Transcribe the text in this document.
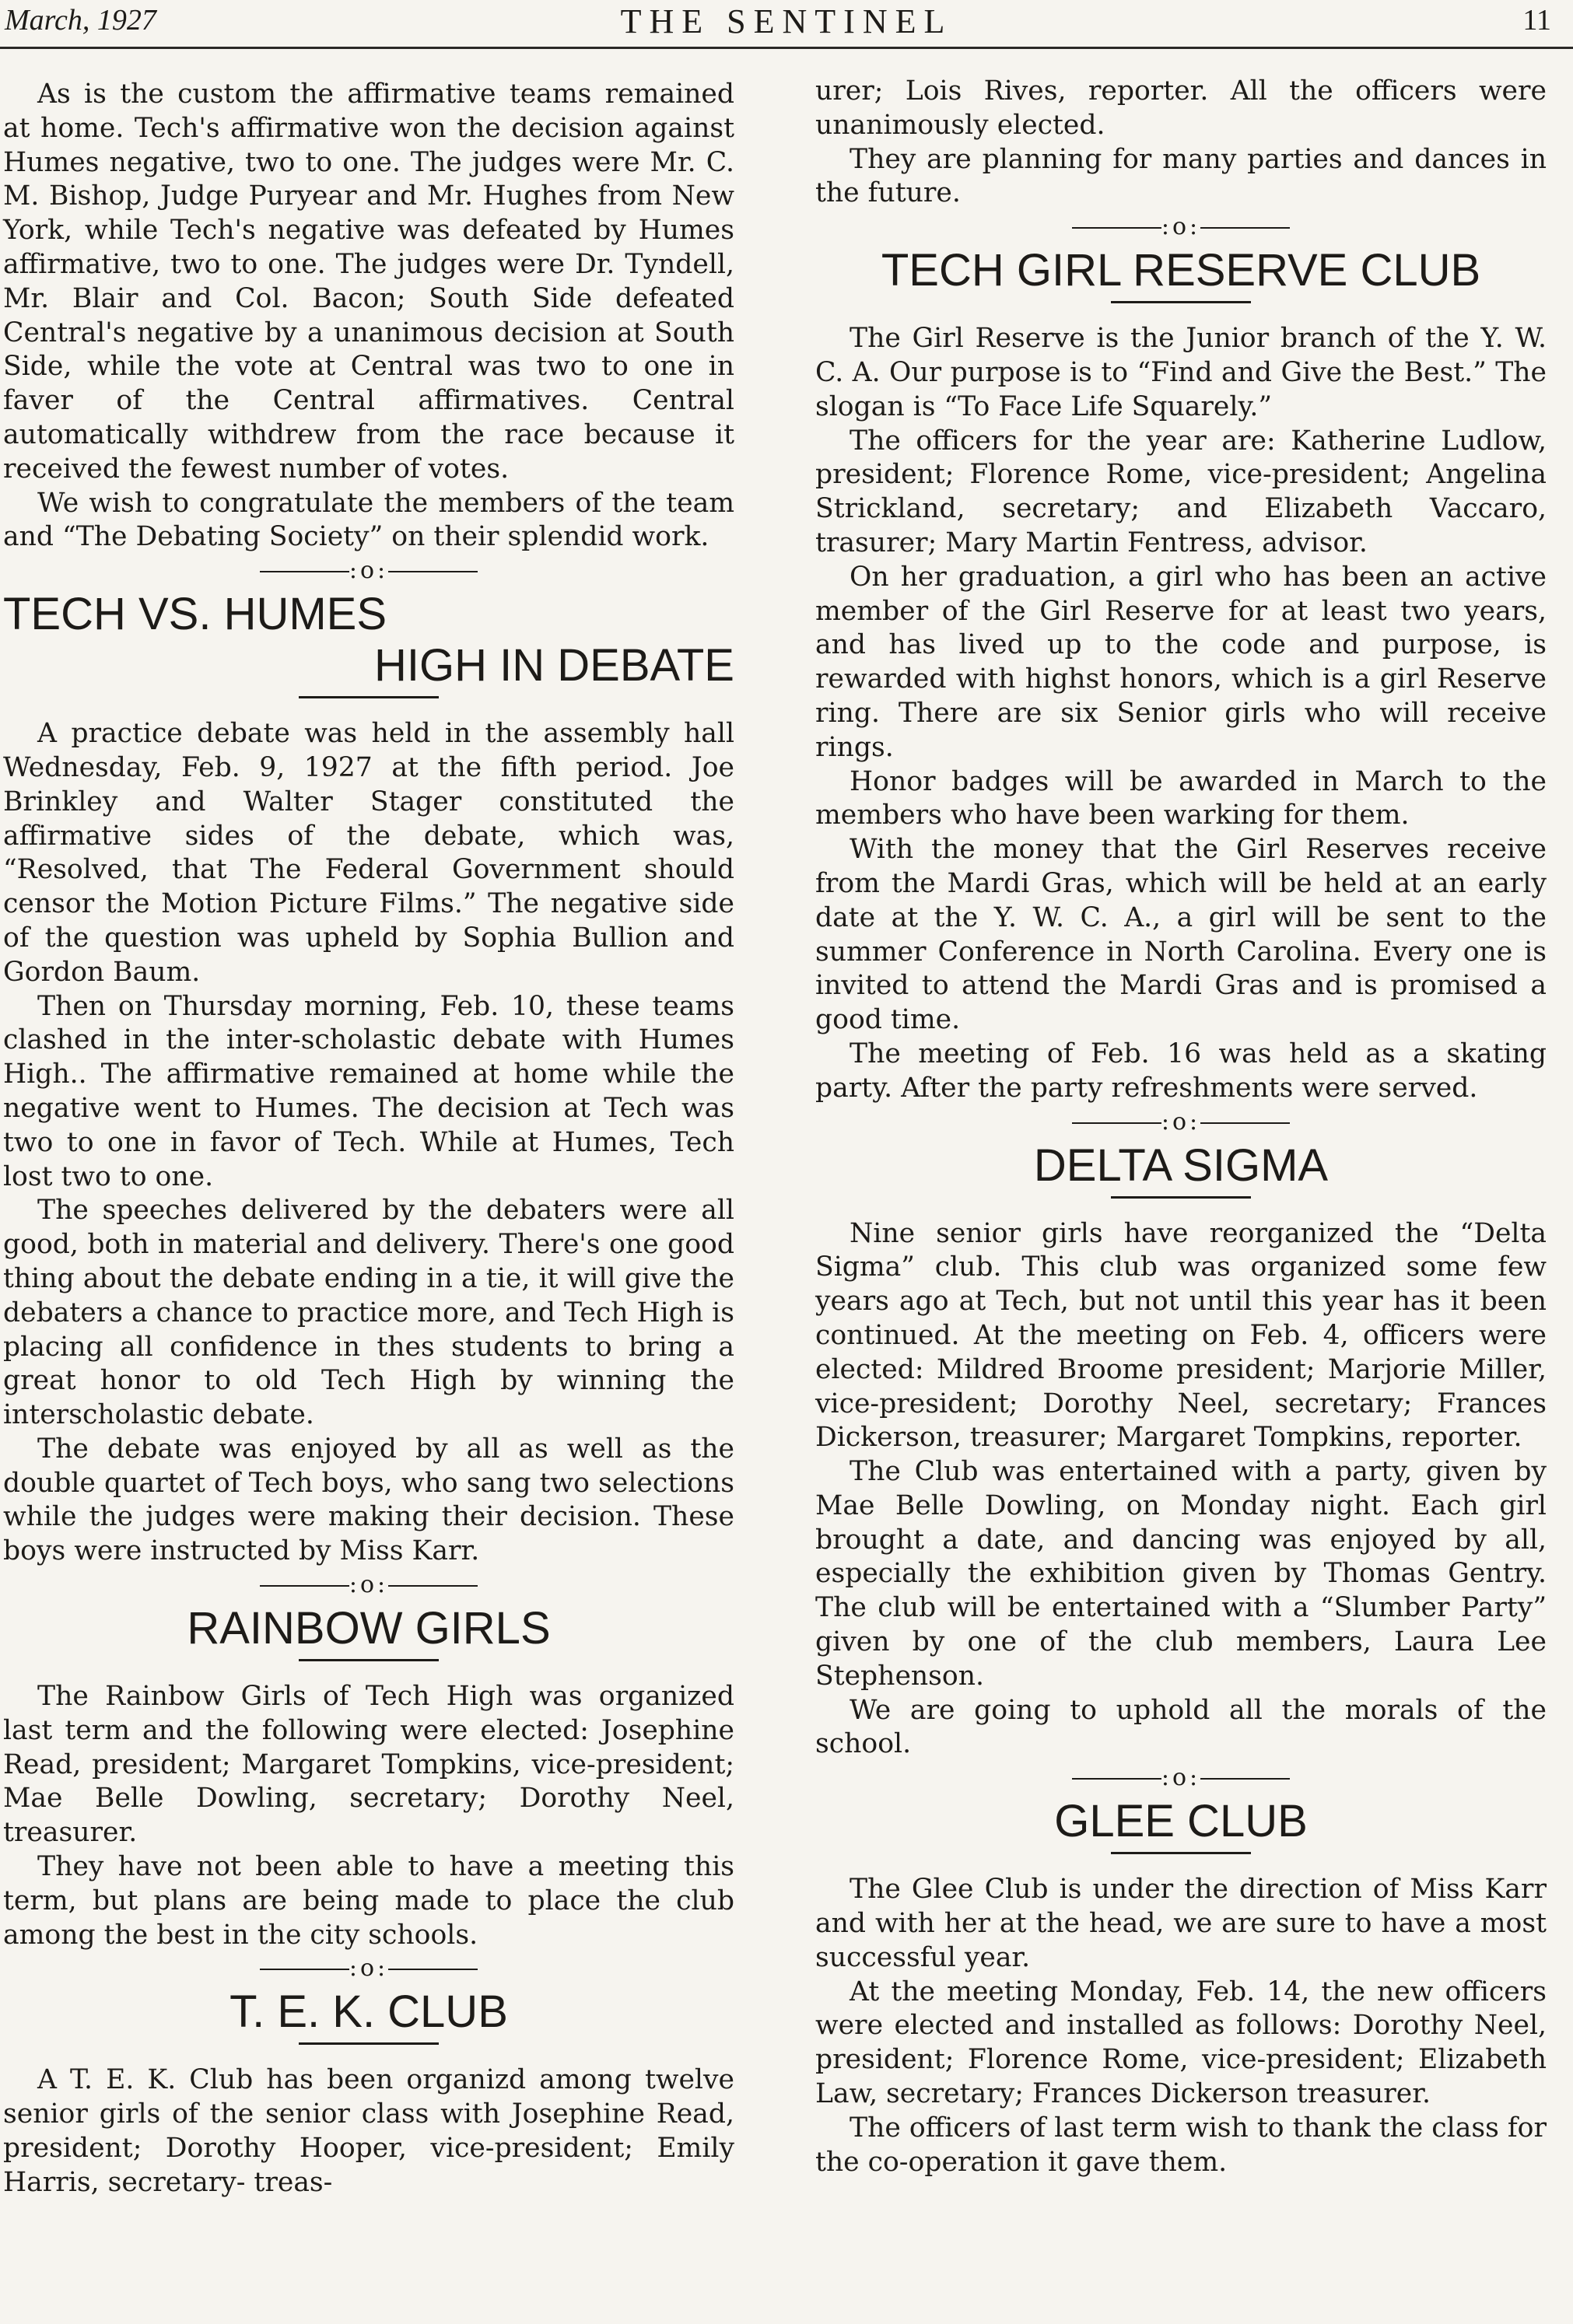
March, 1927	THE SENTINEL	11

As is the custom the affirmative teams remained at home. Tech's affirmative won the decision against Humes negative, two to one. The judges were Mr. C. M. Bishop, Judge Puryear and Mr. Hughes from New York, while Tech's negative was defeated by Humes affirmative, two to one. The judges were Dr. Tyndell, Mr. Blair and Col. Bacon; South Side defeated Central's negative by a unanimous decision at South Side, while the vote at Central was two to one in faver of the Central affirmatives. Central automatically withdrew from the race because it received the fewest number of votes.

We wish to congratulate the members of the team and “The Debating Society” on their splendid work.

:o:
TECH VS. HUMES
HIGH IN DEBATE

A practice debate was held in the assembly hall Wednesday, Feb. 9, 1927 at the fifth period. Joe Brinkley and Walter Stager constituted the affirmative sides of the debate, which was, “Resolved, that The Federal Government should censor the Motion Picture Films.” The negative side of the question was upheld by Sophia Bullion and Gordon Baum.

Then on Thursday morning, Feb. 10, these teams clashed in the inter-scholastic debate with Humes High.. The affirmative remained at home while the negative went to Humes. The decision at Tech was two to one in favor of Tech. While at Humes, Tech lost two to one.

The speeches delivered by the debaters were all good, both in material and delivery. There's one good thing about the debate ending in a tie, it will give the debaters a chance to practice more, and Tech High is placing all confidence in thes students to bring a great honor to old Tech High by winning the interscholastic debate.

The debate was enjoyed by all as well as the double quartet of Tech boys, who sang two selections while the judges were making their decision. These boys were instructed by Miss Karr.

:o:
RAINBOW GIRLS

The Rainbow Girls of Tech High was organized last term and the following were elected: Josephine Read, president; Margaret Tompkins, vice-president; Mae Belle Dowling, secretary; Dorothy Neel, treasurer.

They have not been able to have a meeting this term, but plans are being made to place the club among the best in the city schools.

:o:
T. E. K. CLUB

A T. E. K. Club has been organizd among twelve senior girls of the senior class with Josephine Read, president; Dorothy Hooper, vice-president; Emily Harris, secretary- treas-

urer; Lois Rives, reporter. All the officers were unanimously elected.

They are planning for many parties and dances in the future.

:o:
TECH GIRL RESERVE CLUB

The Girl Reserve is the Junior branch of the Y. W. C. A. Our purpose is to “Find and Give the Best.” The slogan is “To Face Life Squarely.”

The officers for the year are: Katherine Ludlow, president; Florence Rome, vice-president; Angelina Strickland, secretary; and Elizabeth Vaccaro, trasurer; Mary Martin Fentress, advisor.

On her graduation, a girl who has been an active member of the Girl Reserve for at least two years, and has lived up to the code and purpose, is rewarded with highst honors, which is a girl Reserve ring. There are six Senior girls who will receive rings.

Honor badges will be awarded in March to the members who have been warking for them.

With the money that the Girl Reserves receive from the Mardi Gras, which will be held at an early date at the Y. W. C. A., a girl will be sent to the summer Conference in North Carolina. Every one is invited to attend the Mardi Gras and is promised a good time.

The meeting of Feb. 16 was held as a skating party. After the party refreshments were served.

:o:
DELTA SIGMA

Nine senior girls have reorganized the “Delta Sigma” club. This club was organized some few years ago at Tech, but not until this year has it been continued. At the meeting on Feb. 4, officers were elected: Mildred Broome president; Marjorie Miller, vice-president; Dorothy Neel, secretary; Frances Dickerson, treasurer; Margaret Tompkins, reporter.

The Club was entertained with a party, given by Mae Belle Dowling, on Monday night. Each girl brought a date, and dancing was enjoyed by all, especially the exhibition given by Thomas Gentry. The club will be entertained with a “Slumber Party” given by one of the club members, Laura Lee Stephenson.

We are going to uphold all the morals of the school.

:o:
GLEE CLUB

The Glee Club is under the direction of Miss Karr and with her at the head, we are sure to have a most successful year.

At the meeting Monday, Feb. 14, the new officers were elected and installed as follows: Dorothy Neel, president; Florence Rome, vice-president; Elizabeth Law, secretary; Frances Dickerson treasurer.

The officers of last term wish to thank the class for the co-operation it gave them.
